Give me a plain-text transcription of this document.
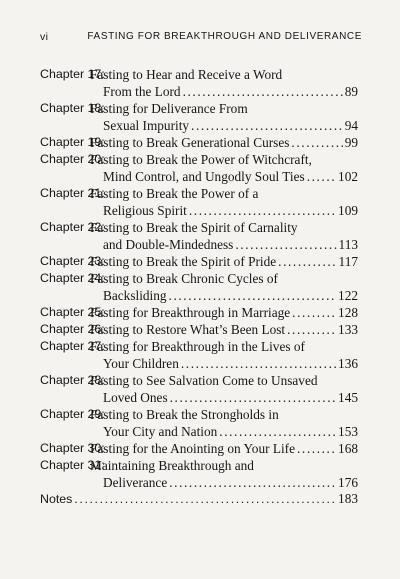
vi	FASTING FOR BREAKTHROUGH AND DELIVERANCE
Chapter 17:
Fasting to Hear and Receive a Word
From the Lord .....	89
Chapter 18:
Fasting for Deliverance From
Sexual Impurity .....	94
Chapter 19:
Fasting to Break Generational Curses .....	99
Chapter 20:
Fasting to Break the Power of Witchcraft,
Mind Control, and Ungodly Soul Ties .....	102
Chapter 21:
Fasting to Break the Power of a
Religious Spirit .....	109
Chapter 22:
Fasting to Break the Spirit of Carnality
and Double-Mindedness .....	113
Chapter 23:
Fasting to Break the Spirit of Pride .....	117
Chapter 24:
Fasting to Break Chronic Cycles of
Backsliding .....	122
Chapter 25:
Fasting for Breakthrough in Marriage .....	128
Chapter 26:
Fasting to Restore What’s Been Lost .....	133
Chapter 27:
Fasting for Breakthrough in the Lives of
Your Children .....	136
Chapter 28:
Fasting to See Salvation Come to Unsaved
Loved Ones .....	145
Chapter 29:
Fasting to Break the Strongholds in
Your City and Nation .....	153
Chapter 30:
Fasting for the Anointing on Your Life .....	168
Chapter 31:
Maintaining Breakthrough and
Deliverance .....	176
Notes .....	183
